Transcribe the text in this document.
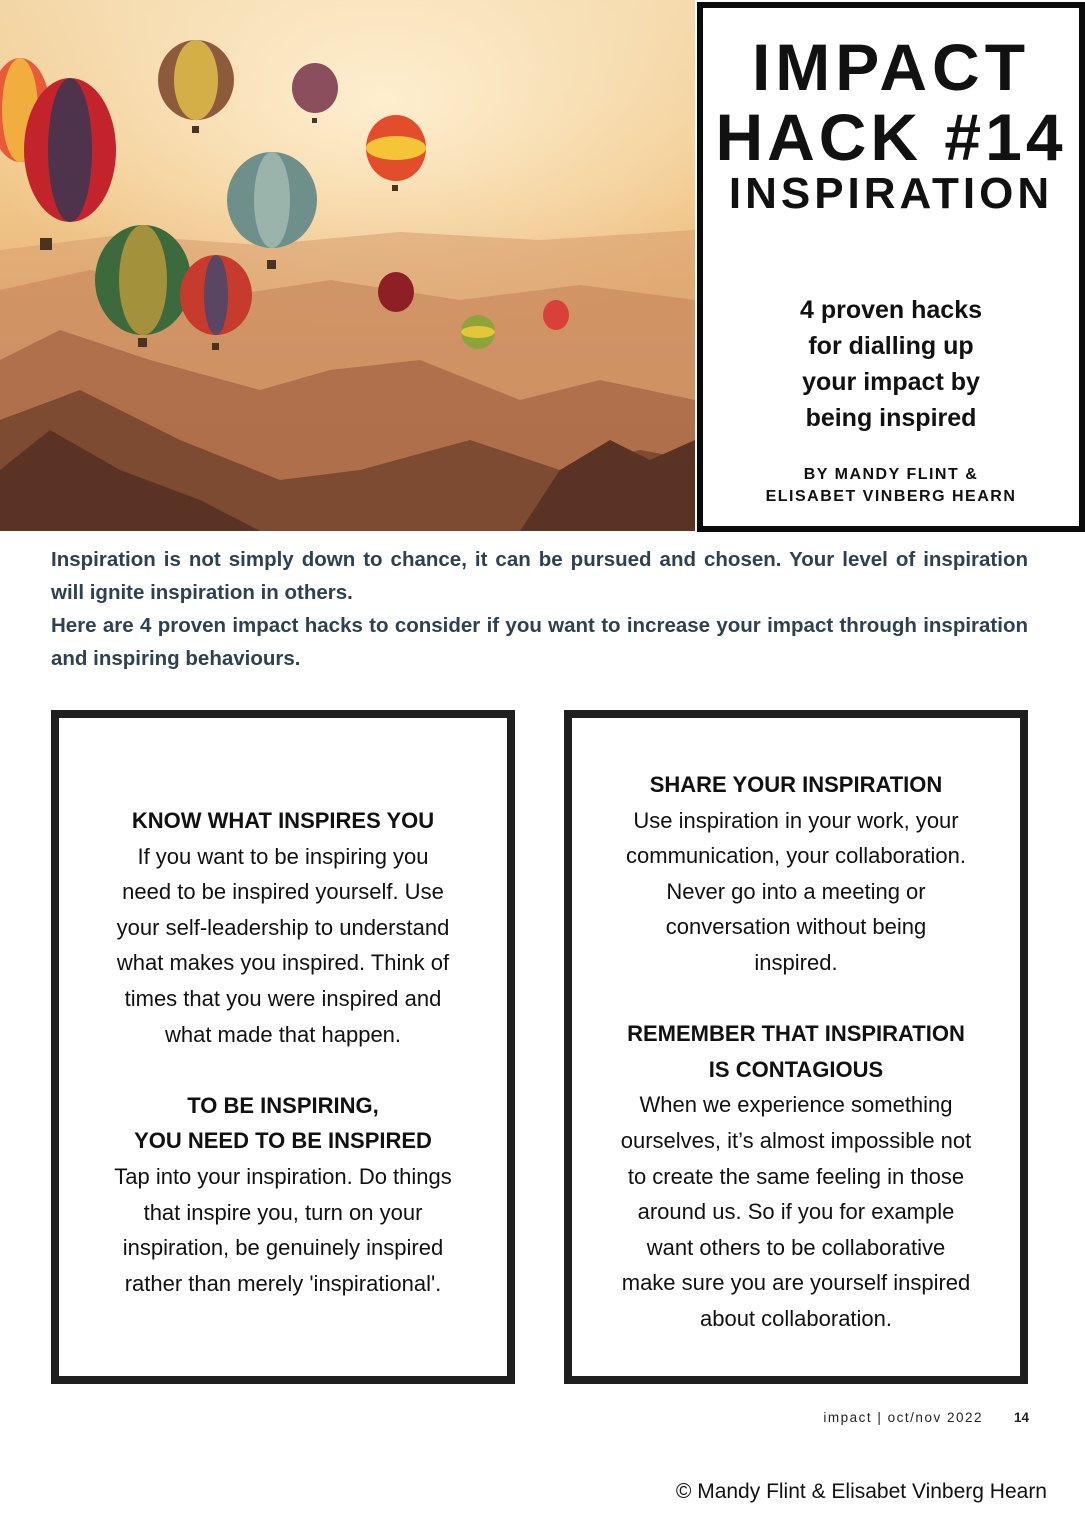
IMPACT
HACK #14
INSPIRATION
4 proven hacks
for dialling up
your impact by
being inspired
BY MANDY FLINT &
ELISABET VINBERG HEARN

Inspiration is not simply down to chance, it can be pursued and chosen. Your level of inspiration will ignite inspiration in others.

Here are 4 proven impact hacks to consider if you want to increase your impact through inspiration and inspiring behaviours.

KNOW WHAT INSPIRES YOU

If you want to be inspiring you

need to be inspired yourself. Use

your self-leadership to understand

what makes you inspired. Think of

times that you were inspired and

what made that happen.

TO BE INSPIRING,
YOU NEED TO BE INSPIRED

Tap into your inspiration. Do things

that inspire you, turn on your

inspiration, be genuinely inspired

rather than merely 'inspirational'.

SHARE YOUR INSPIRATION

Use inspiration in your work, your

communication, your collaboration.

Never go into a meeting or

conversation without being

inspired.

REMEMBER THAT INSPIRATION
IS CONTAGIOUS

When we experience something

ourselves, it’s almost impossible not

to create the same feeling in those

around us. So if you for example

want others to be collaborative

make sure you are yourself inspired

about collaboration.

impact | oct/nov 2022 14
© Mandy Flint & Elisabet Vinberg Hearn
